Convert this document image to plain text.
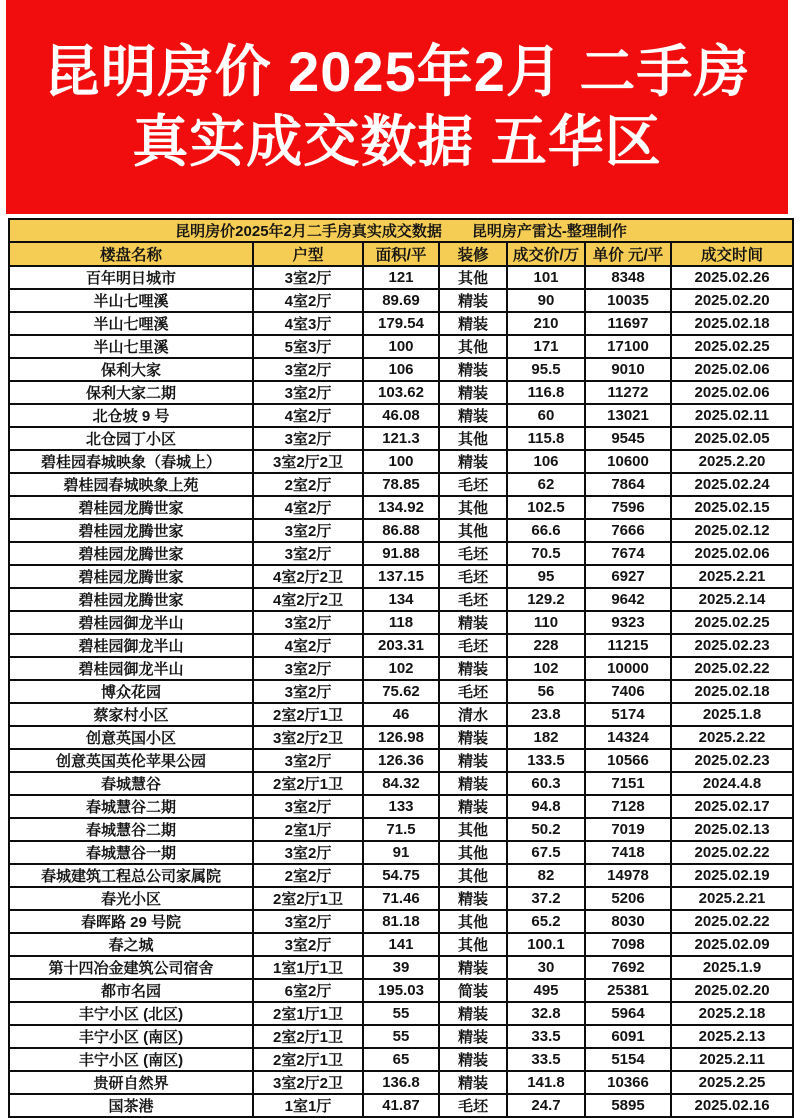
昆明房价 2025年2月 二手房
真实成交数据 五华区
昆明房价2025年2月二手房真实成交数据　　昆明房产雷达-整理制作						
楼盘名称	户型	面积/平	装修	成交价/万	单价 元/平	成交时间
百年明日城市	3室2厅	121	其他	101	8348	2025.02.26
半山七哩溪	4室2厅	89.69	精装	90	10035	2025.02.20
半山七哩溪	4室3厅	179.54	精装	210	11697	2025.02.18
半山七里溪	5室3厅	100	其他	171	17100	2025.02.25
保利大家	3室2厅	106	精装	95.5	9010	2025.02.06
保利大家二期	3室2厅	103.62	精装	116.8	11272	2025.02.06
北仓坡 9 号	4室2厅	46.08	精装	60	13021	2025.02.11
北仓园丁小区	3室2厅	121.3	其他	115.8	9545	2025.02.05
碧桂园春城映象（春城上）	3室2厅2卫	100	精装	106	10600	2025.2.20
碧桂园春城映象上苑	2室2厅	78.85	毛坯	62	7864	2025.02.24
碧桂园龙腾世家	4室2厅	134.92	其他	102.5	7596	2025.02.15
碧桂园龙腾世家	3室2厅	86.88	其他	66.6	7666	2025.02.12
碧桂园龙腾世家	3室2厅	91.88	毛坯	70.5	7674	2025.02.06
碧桂园龙腾世家	4室2厅2卫	137.15	毛坯	95	6927	2025.2.21
碧桂园龙腾世家	4室2厅2卫	134	毛坯	129.2	9642	2025.2.14
碧桂园御龙半山	3室2厅	118	精装	110	9323	2025.02.25
碧桂园御龙半山	4室2厅	203.31	毛坯	228	11215	2025.02.23
碧桂园御龙半山	3室2厅	102	精装	102	10000	2025.02.22
博众花园	3室2厅	75.62	毛坯	56	7406	2025.02.18
蔡家村小区	2室2厅1卫	46	清水	23.8	5174	2025.1.8
创意英国小区	3室2厅2卫	126.98	精装	182	14324	2025.2.22
创意英国英伦苹果公园	3室2厅	126.36	精装	133.5	10566	2025.02.23
春城慧谷	2室2厅1卫	84.32	精装	60.3	7151	2024.4.8
春城慧谷二期	3室2厅	133	精装	94.8	7128	2025.02.17
春城慧谷二期	2室1厅	71.5	其他	50.2	7019	2025.02.13
春城慧谷一期	3室2厅	91	其他	67.5	7418	2025.02.22
春城建筑工程总公司家属院	2室2厅	54.75	其他	82	14978	2025.02.19
春光小区	2室2厅1卫	71.46	精装	37.2	5206	2025.2.21
春晖路 29 号院	3室2厅	81.18	其他	65.2	8030	2025.02.22
春之城	3室2厅	141	其他	100.1	7098	2025.02.09
第十四冶金建筑公司宿舍	1室1厅1卫	39	精装	30	7692	2025.1.9
都市名园	6室2厅	195.03	简装	495	25381	2025.02.20
丰宁小区 (北区)	2室1厅1卫	55	精装	32.8	5964	2025.2.18
丰宁小区 (南区)	2室2厅1卫	55	精装	33.5	6091	2025.2.13
丰宁小区 (南区)	2室2厅1卫	65	精装	33.5	5154	2025.2.11
贵研自然界	3室2厅2卫	136.8	精装	141.8	10366	2025.2.25
国茶港	1室1厅	41.87	毛坯	24.7	5895	2025.02.16
